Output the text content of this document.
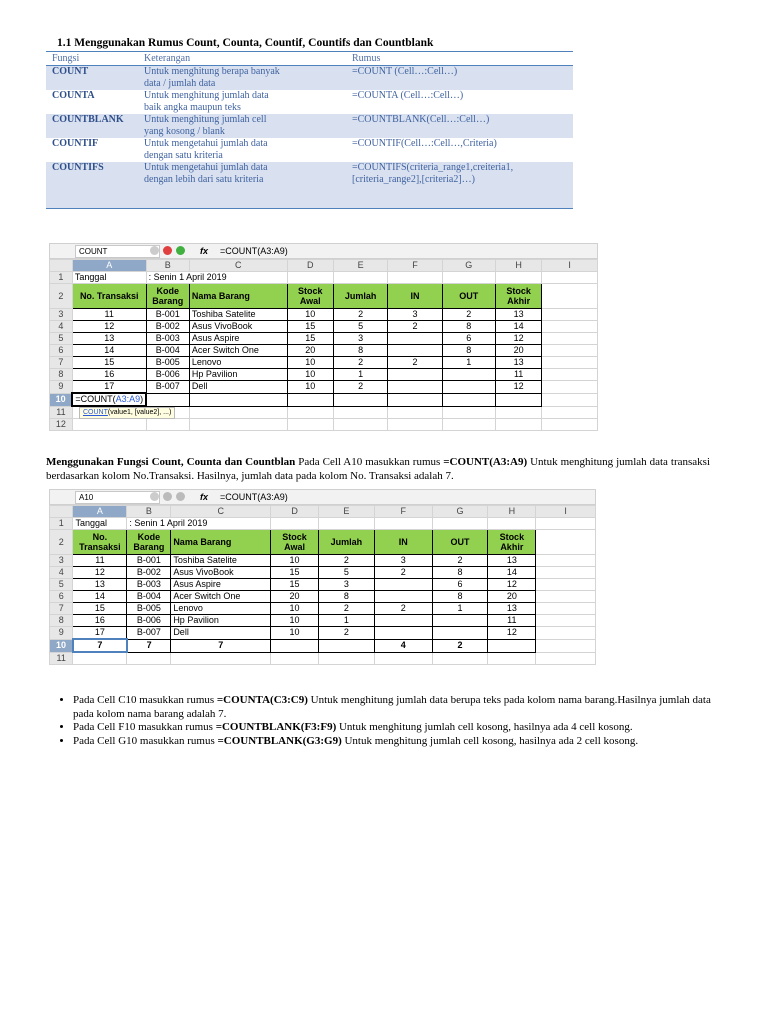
1.1 Menggunakan Rumus Count, Counta, Countif, Countifs dan Countblank
Fungsi	Keterangan	Rumus
COUNT	Untuk menghitung berapa banyak
data / jumlah data	=COUNT (Cell…:Cell…)
COUNTA	Untuk menghitung jumlah data
baik angka maupun teks	=COUNTA (Cell…:Cell…)
COUNTBLANK	Untuk menghitung jumlah cell
yang kosong / blank	=COUNTBLANK(Cell…:Cell…)
COUNTIF	Untuk mengetahui jumlah data
dengan satu kriteria	=COUNTIF(Cell…:Cell…,Criteria)
COUNTIFS	Untuk mengetahui jumlah data
dengan lebih dari satu kriteria	=COUNTIFS(criteria_range1,creiteria1,
[criteria_range2],[criteria2]…)
COUNT	fx =COUNT(A3:A9)
	A	B	C	D	E	F	G	H	I
1	Tanggal	: Senin 1 April 2019							
2	No. Transaksi	Kode Barang	Nama Barang	Stock Awal	Jumlah	IN	OUT	Stock Akhir	
3	11	B-001	Toshiba Satelite	10	2	3	2	13	
4	12	B-002	Asus VivoBook	15	5	2	8	14	
5	13	B-003	Asus Aspire	15	3		6	12	
6	14	B-004	Acer Switch One	20	8		8	20	
7	15	B-005	Lenovo	10	2	2	1	13	
8	16	B-006	Hp Pavilion	10	1			11	
9	17	B-007	Dell	10	2			12	
10	=COUNT(A3:A9)								
11									
12									
COUNT(value1, [value2], ...)
Menggunakan Fungsi Count, Counta dan Countblan Pada Cell A10 masukkan rumus =COUNT(A3:A9) Untuk menghitung jumlah data transaksi berdasarkan kolom No.Transaksi. Hasilnya, jumlah data pada kolom No. Transaksi adalah 7.
A10	fx =COUNT(A3:A9)
	A	B	C	D	E	F	G	H	I
1	Tanggal	: Senin 1 April 2019							
2	No. Transaksi	Kode Barang	Nama Barang	Stock Awal	Jumlah	IN	OUT	Stock Akhir	
3	11	B-001	Toshiba Satelite	10	2	3	2	13	
4	12	B-002	Asus VivoBook	15	5	2	8	14	
5	13	B-003	Asus Aspire	15	3		6	12	
6	14	B-004	Acer Switch One	20	8		8	20	
7	15	B-005	Lenovo	10	2	2	1	13	
8	16	B-006	Hp Pavilion	10	1			11	
9	17	B-007	Dell	10	2			12	
10	7	7	7			4	2		
11									
• Pada Cell C10 masukkan rumus =COUNTA(C3:C9) Untuk menghitung jumlah data berupa teks pada kolom nama barang.Hasilnya jumlah data pada kolom nama barang adalah 7.
• Pada Cell F10 masukkan rumus =COUNTBLANK(F3:F9) Untuk menghitung jumlah cell kosong, hasilnya ada 4 cell kosong.
• Pada Cell G10 masukkan rumus =COUNTBLANK(G3:G9) Untuk menghitung jumlah cell kosong, hasilnya ada 2 cell kosong.
